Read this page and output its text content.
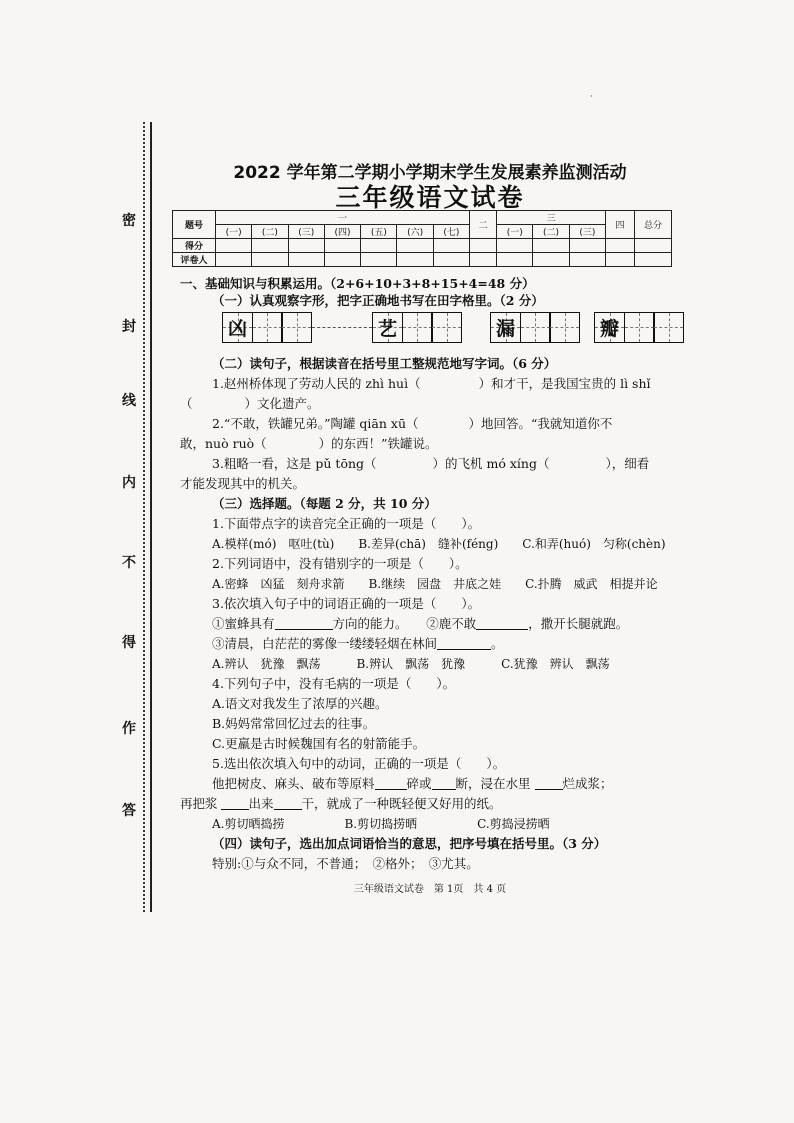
密
封
线
内
不
得
作
答
2022 学年第二学期小学期末学生发展素养监测活动
三年级语文试卷
题号	一							二	三			四	总分
	(一)	(二)	(三)	(四)	(五)	(六)	(七)		(一)	(二)	(三)		
得分													
评卷人													
一、基础知识与积累运用。（2+6+10+3+8+15+4=48 分）
（一）认真观察字形，把字正确地书写在田字格里。（2 分）
凶	艺	漏	瓣
（二）读句子，根据读音在括号里工整规范地写字词。（6 分）
1.赵州桥体现了劳动人民的 zhì huì（	）和才干，是我国宝贵的 lì shǐ
（	）文化遗产。
2.“不敢，铁罐兄弟。”陶罐 qiān xū（	）地回答。“我就知道你不
敢，nuò ruò（	）的东西！”铁罐说。
3.粗略一看，这是 pǔ tōng（	）的飞机 mó xíng（	），细看
才能发现其中的机关。
（三）选择题。（每题 2 分，共 10 分）
1.下面带点字的读音完全正确的一项是（　　）。
A.模样(mó)　呕吐(tù)　　B.差异(chā)　缝补(féng)　　C.和弄(huó)　匀称(chèn)
2.下列词语中，没有错别字的一项是（　　）。
A.密蜂　凶猛　刻舟求箭　　B.继续　园盘　井底之娃　　C.扑腾　威武　相提并论
3.依次填入句子中的词语正确的一项是（　　）。
①蜜蜂具有	方向的能力。　　②鹿不敢	，撒开长腿就跑。
③清晨，白茫茫的雾像一缕缕轻烟在林间	。
A.辨认　犹豫　飘荡　　　B.辨认　飘荡　犹豫　　　C.犹豫　辨认　飘荡
4.下列句子中，没有毛病的一项是（　　）。
A.语文对我发生了浓厚的兴趣。
B.妈妈常常回忆过去的往事。
C.更羸是古时候魏国有名的射箭能手。
5.选出依次填入句中的动词，正确的一项是（　　）。
他把树皮、麻头、破布等原料	碎或 断，浸在水里	烂成浆；
再把浆 出来 干，就成了一种既轻便又好用的纸。
A.剪切晒捣捞　　　　　B.剪切捣捞晒　　　　　C.剪捣浸捞晒
（四）读句子，选出加点词语恰当的意思，把序号填在括号里。（3 分）
特别:①与众不同，不普通；　②格外；　③尤其。
三年级语文试卷　第 1页　共 4 页
·
